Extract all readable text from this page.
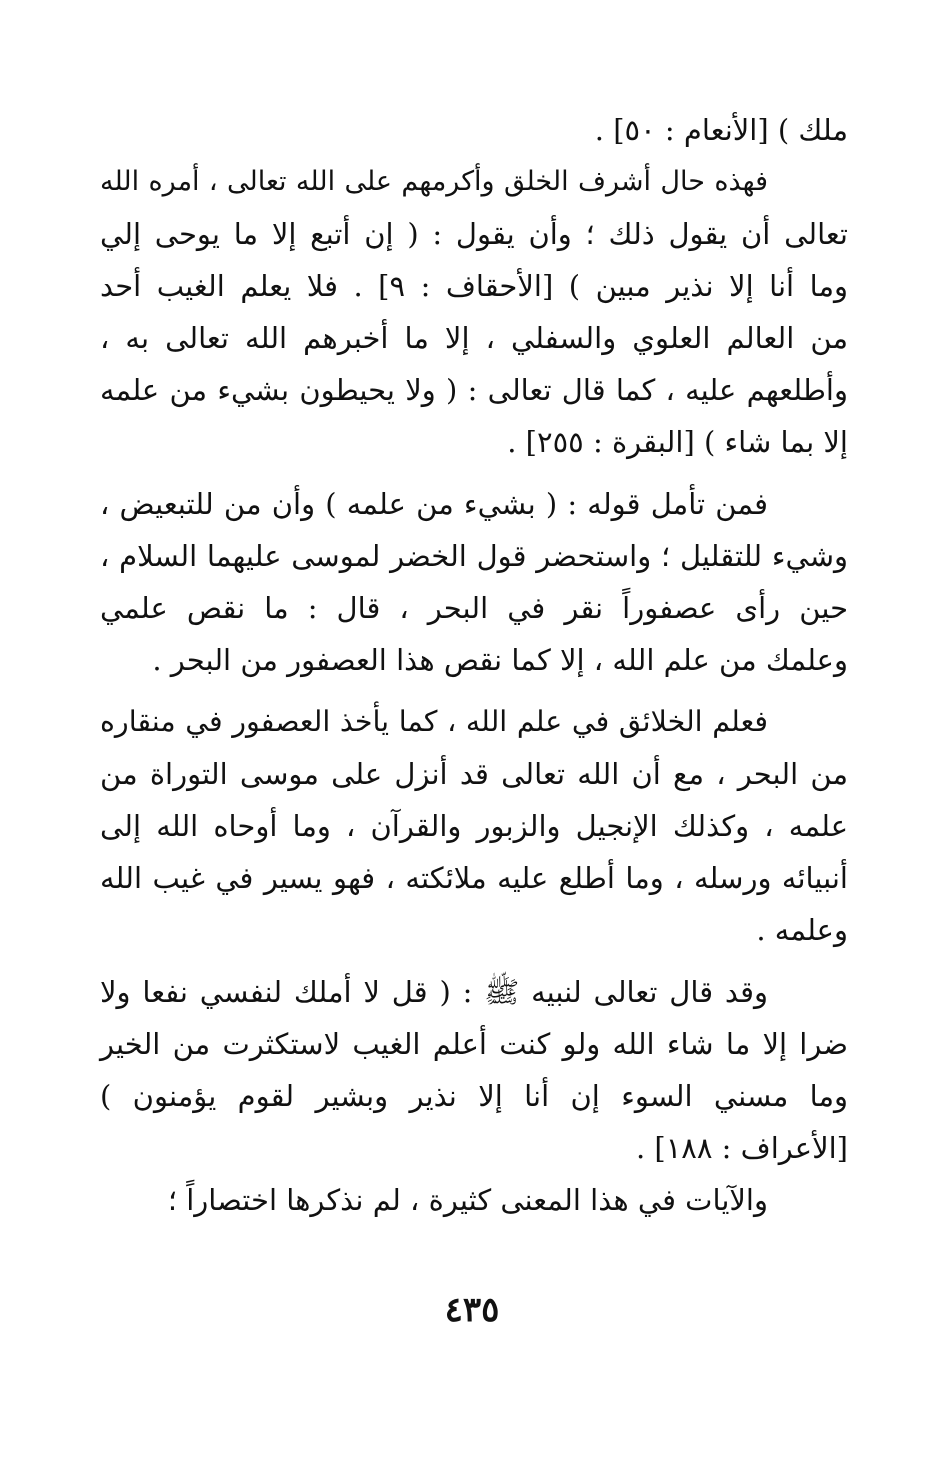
ملك ) [الأنعام : ٥٠] .
فهذه حال أشرف الخلق وأكرمهم على الله تعالى ، أمره الله
تعالى أن يقول ذلك ؛ وأن يقول : ( إن أتبع إلا ما يوحى إلي
وما أنا إلا نذير مبين ) [الأحقاف : ٩] . فلا يعلم الغيب أحد
من العالم العلوي والسفلي ، إلا ما أخبرهم الله تعالى به ،
وأطلعهم عليه ، كما قال تعالى : ( ولا يحيطون بشيء من علمه
إلا بما شاء ) [البقرة : ٢٥٥] .
فمن تأمل قوله : ( بشيء من علمه ) وأن من للتبعيض ،
وشيء للتقليل ؛ واستحضر قول الخضر لموسى عليهما السلام ،
حين رأى عصفوراً نقر في البحر ، قال : ما نقص علمي
وعلمك من علم الله ، إلا كما نقص هذا العصفور من البحر .
فعلم الخلائق في علم الله ، كما يأخذ العصفور في منقاره
من البحر ، مع أن الله تعالى قد أنزل على موسى التوراة من
علمه ، وكذلك الإنجيل والزبور والقرآن ، وما أوحاه الله إلى
أنبيائه ورسله ، وما أطلع عليه ملائكته ، فهو يسير في غيب الله
وعلمه .
وقد قال تعالى لنبيه ﷺ : ( قل لا أملك لنفسي نفعا ولا
ضرا إلا ما شاء الله ولو كنت أعلم الغيب لاستكثرت من الخير
وما مسني السوء إن أنا إلا نذير وبشير لقوم يؤمنون )
[الأعراف : ١٨٨] .
والآيات في هذا المعنى كثيرة ، لم نذكرها اختصاراً ؛
٤٣٥
